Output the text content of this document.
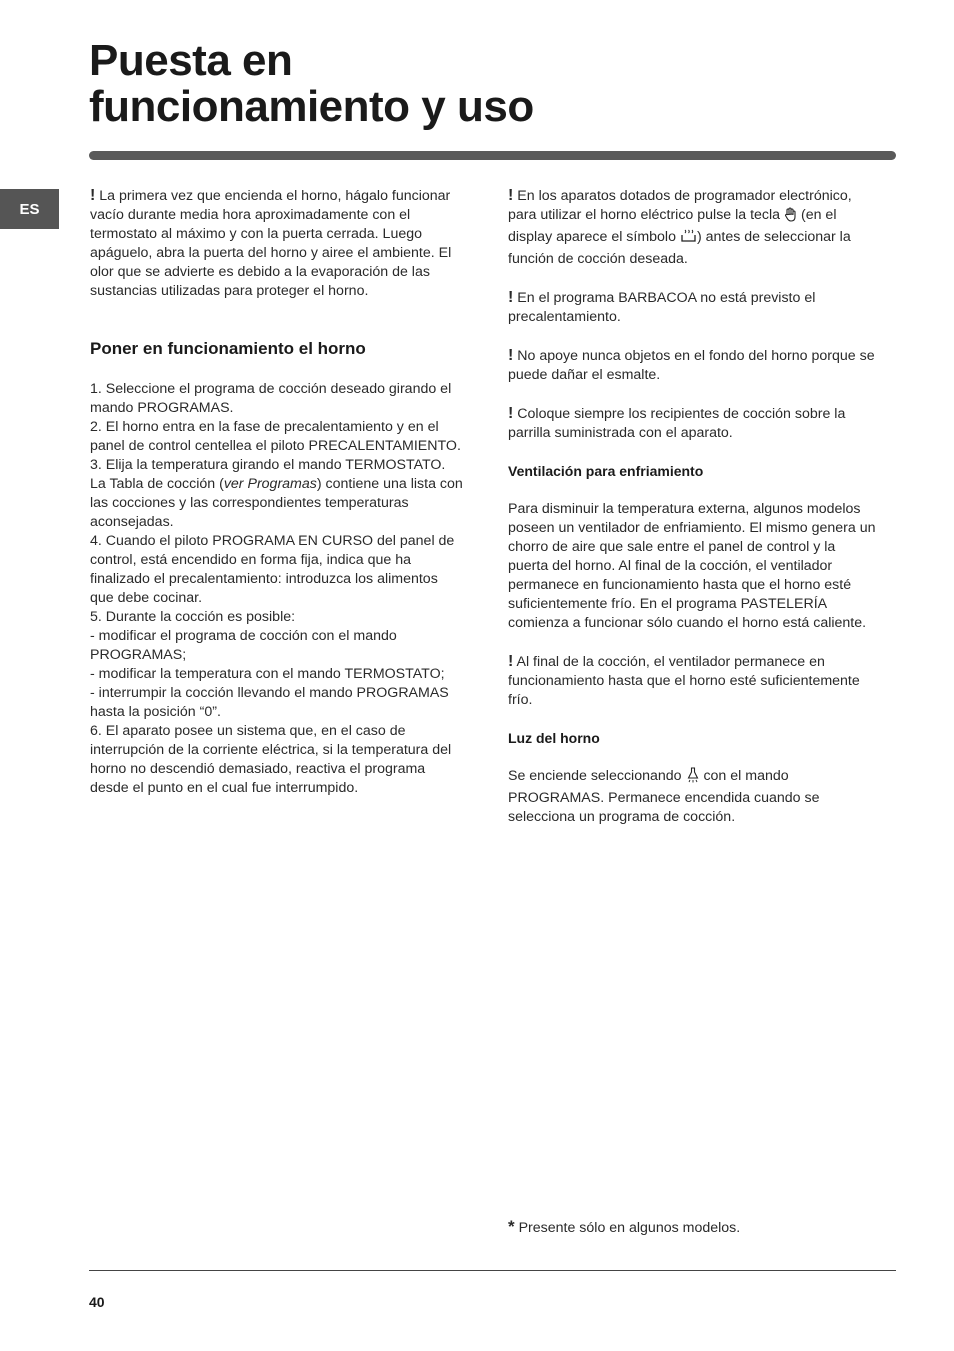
Puesta en
funcionamiento y uso
ES

! La primera vez que encienda el horno, hágalo funcionar vacío durante media hora aproximadamente con el termostato al máximo y con la puerta cerrada. Luego apáguelo, abra la puerta del horno y airee el ambiente. El olor que se advierte es debido a la evaporación de las sustancias utilizadas para proteger el horno.

Poner en funcionamiento el horno

1. Seleccione el programa de cocción deseado girando el mando PROGRAMAS.

2. El horno entra en la fase de precalentamiento y en el panel de control centellea el piloto PRECALENTAMIENTO.

3. Elija la temperatura girando el mando TERMOSTATO. La Tabla de cocción (ver Programas) contiene una lista con las cocciones y las correspondientes temperaturas aconsejadas.

4. Cuando el piloto PROGRAMA EN CURSO del panel de control, está encendido en forma fija, indica que ha finalizado el precalentamiento: introduzca los alimentos que debe cocinar.

5. Durante la cocción es posible:

- modificar el programa de cocción con el mando PROGRAMAS;

- modificar la temperatura con el mando TERMOSTATO;

- interrumpir la cocción llevando el mando PROGRAMAS hasta la posición “0”.

6. El aparato posee un sistema que, en el caso de interrupción de la corriente eléctrica, si la temperatura del horno no descendió demasiado, reactiva el programa desde el punto en el cual fue interrumpido.

! En los aparatos dotados de programador electrónico, para utilizar el horno eléctrico pulse la tecla (en el display aparece el símbolo ) antes de seleccionar la función de cocción deseada.

! En el programa BARBACOA no está previsto el precalentamiento.

! No apoye nunca objetos en el fondo del horno porque se puede dañar el esmalte.

! Coloque siempre los recipientes de cocción sobre la parrilla suministrada con el aparato.

Ventilación para enfriamiento

Para disminuir la temperatura externa, algunos modelos poseen un ventilador de enfriamiento. El mismo genera un chorro de aire que sale entre el panel de control y la puerta del horno. Al final de la cocción, el ventilador permanece en funcionamiento hasta que el horno esté suficientemente frío. En el programa PASTELERÍA comienza a funcionar sólo cuando el horno está caliente.

! Al final de la cocción, el ventilador permanece en funcionamiento hasta que el horno esté suficientemente frío.

Luz del horno

Se enciende seleccionando con el mando PROGRAMAS. Permanece encendida cuando se selecciona un programa de cocción.

* Presente sólo en algunos modelos.
40
